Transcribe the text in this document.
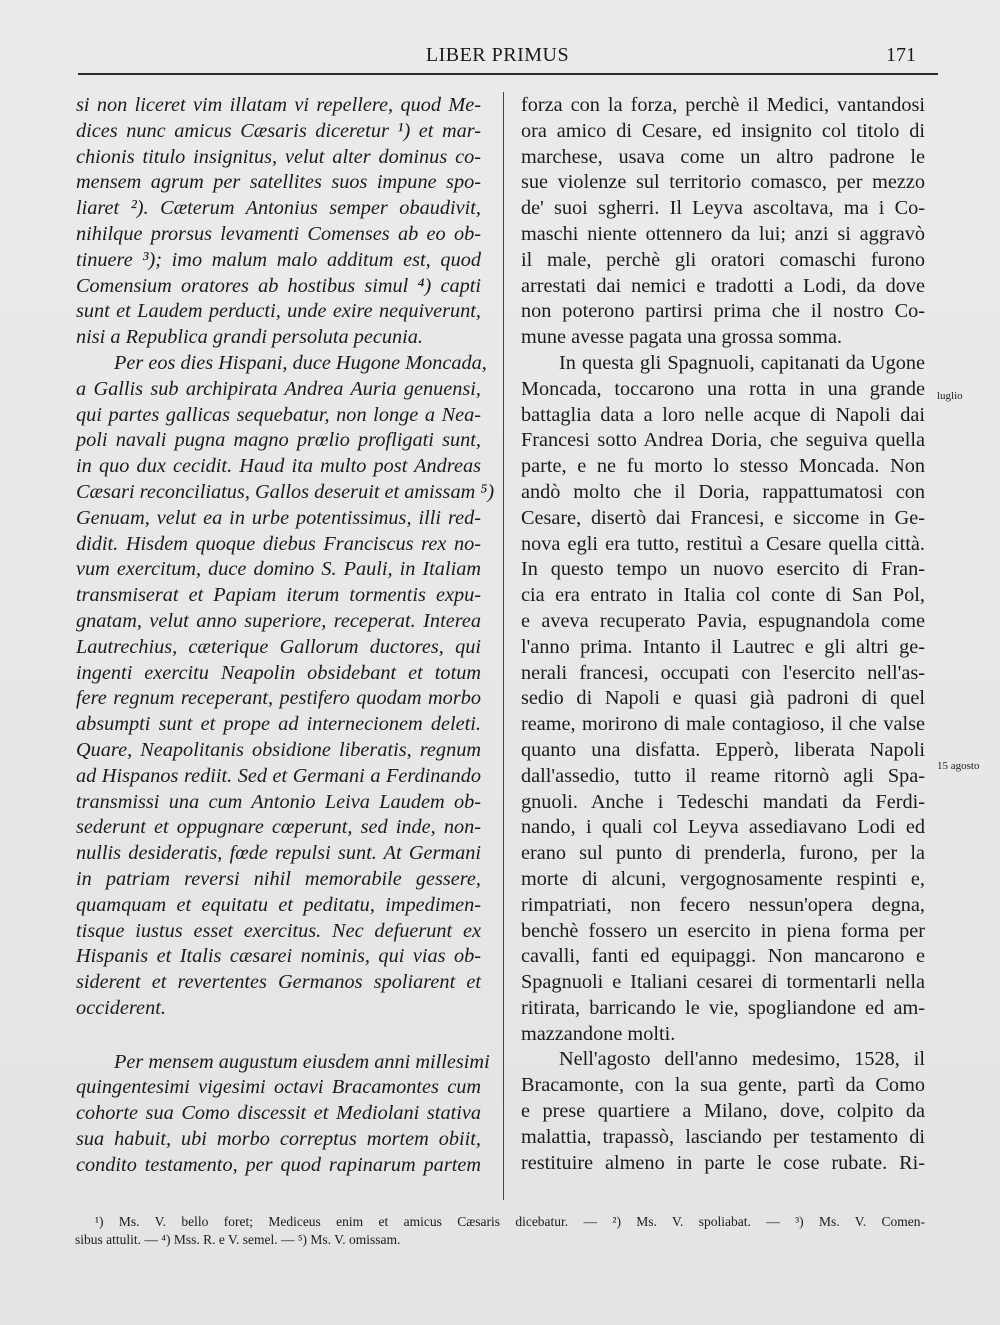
LIBER PRIMUS	171
si non liceret vim illatam vi repellere, quod Me-
dices nunc amicus Cæsaris diceretur ¹) et mar-
chionis titulo insignitus, velut alter dominus co-
mensem agrum per satellites suos impune spo-
liaret ²). Cæterum Antonius semper obaudivit,
nihilque prorsus levamenti Comenses ab eo ob-
tinuere ³); imo malum malo additum est, quod
Comensium oratores ab hostibus simul ⁴) capti
sunt et Laudem perducti, unde exire nequiverunt,
nisi a Republica grandi persoluta pecunia.
Per eos dies Hispani, duce Hugone Moncada,
a Gallis sub archipirata Andrea Auria genuensi,
qui partes gallicas sequebatur, non longe a Nea-
poli navali pugna magno prœlio profligati sunt,
in quo dux cecidit. Haud ita multo post Andreas
Cæsari reconciliatus, Gallos deseruit et amissam ⁵)
Genuam, velut ea in urbe potentissimus, illi red-
didit. Hisdem quoque diebus Franciscus rex no-
vum exercitum, duce domino S. Pauli, in Italiam
transmiserat et Papiam iterum tormentis expu-
gnatam, velut anno superiore, receperat. Interea
Lautrechius, cæterique Gallorum ductores, qui
ingenti exercitu Neapolin obsidebant et totum
fere regnum receperant, pestifero quodam morbo
absumpti sunt et prope ad internecionem deleti.
Quare, Neapolitanis obsidione liberatis, regnum
ad Hispanos rediit. Sed et Germani a Ferdinando
transmissi una cum Antonio Leiva Laudem ob-
sederunt et oppugnare cœperunt, sed inde, non-
nullis desideratis, fœde repulsi sunt. At Germani
in patriam reversi nihil memorabile gessere,
quamquam et equitatu et peditatu, impedimen-
tisque iustus esset exercitus. Nec defuerunt ex
Hispanis et Italis cæsarei nominis, qui vias ob-
siderent et revertentes Germanos spoliarent et
occiderent.
Per mensem augustum eiusdem anni millesimi
quingentesimi vigesimi octavi Bracamontes cum
cohorte sua Como discessit et Mediolani stativa
sua habuit, ubi morbo correptus mortem obiit,
condito testamento, per quod rapinarum partem
forza con la forza, perchè il Medici, vantandosi
ora amico di Cesare, ed insignito col titolo di
marchese, usava come un altro padrone le
sue violenze sul territorio comasco, per mezzo
de' suoi sgherri. Il Leyva ascoltava, ma i Co-
maschi niente ottennero da lui; anzi si aggravò
il male, perchè gli oratori comaschi furono
arrestati dai nemici e tradotti a Lodi, da dove
non poterono partirsi prima che il nostro Co-
mune avesse pagata una grossa somma.
In questa gli Spagnuoli, capitanati da Ugone
Moncada, toccarono una rotta in una grande
battaglia data a loro nelle acque di Napoli dai
Francesi sotto Andrea Doria, che seguiva quella
parte, e ne fu morto lo stesso Moncada. Non
andò molto che il Doria, rappattumatosi con
Cesare, disertò dai Francesi, e siccome in Ge-
nova egli era tutto, restituì a Cesare quella città.
In questo tempo un nuovo esercito di Fran-
cia era entrato in Italia col conte di San Pol,
e aveva recuperato Pavia, espugnandola come
l'anno prima. Intanto il Lautrec e gli altri ge-
nerali francesi, occupati con l'esercito nell'as-
sedio di Napoli e quasi già padroni di quel
reame, morirono di male contagioso, il che valse
quanto una disfatta. Epperò, liberata Napoli
dall'assedio, tutto il reame ritornò agli Spa-
gnuoli. Anche i Tedeschi mandati da Ferdi-
nando, i quali col Leyva assediavano Lodi ed
erano sul punto di prenderla, furono, per la
morte di alcuni, vergognosamente respinti e,
rimpatriati, non fecero nessun'opera degna,
benchè fossero un esercito in piena forma per
cavalli, fanti ed equipaggi. Non mancarono e
Spagnuoli e Italiani cesarei di tormentarli nella
ritirata, barricando le vie, spogliandone ed am-
mazzandone molti.
Nell'agosto dell'anno medesimo, 1528, il
Bracamonte, con la sua gente, partì da Como
e prese quartiere a Milano, dove, colpito da
malattia, trapassò, lasciando per testamento di
restituire almeno in parte le cose rubate. Ri-
luglio
15 agosto
¹) Ms. V. bello foret; Mediceus enim et amicus Cæsaris dicebatur. — ²) Ms. V. spoliabat. — ³) Ms. V. Comen-
sibus attulit. — ⁴) Mss. R. e V. semel. — ⁵) Ms. V. omissam.
